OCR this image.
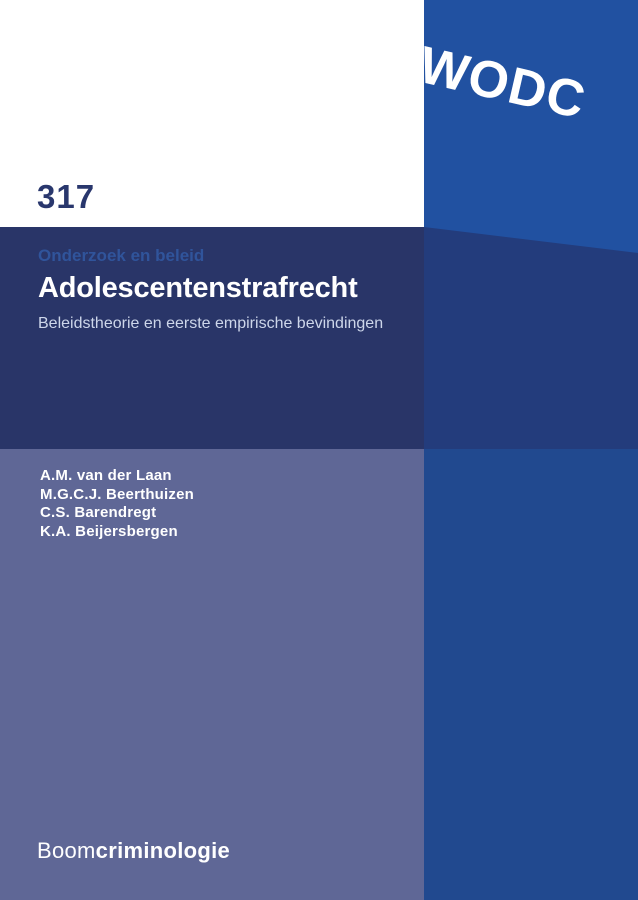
317
Onderzoek en beleid
Adolescentenstrafrecht
Beleidstheorie en eerste empirische bevindingen
A.M. van der Laan
M.G.C.J. Beerthuizen
C.S. Barendregt
K.A. Beijersbergen
Boomcriminologie
WODC
